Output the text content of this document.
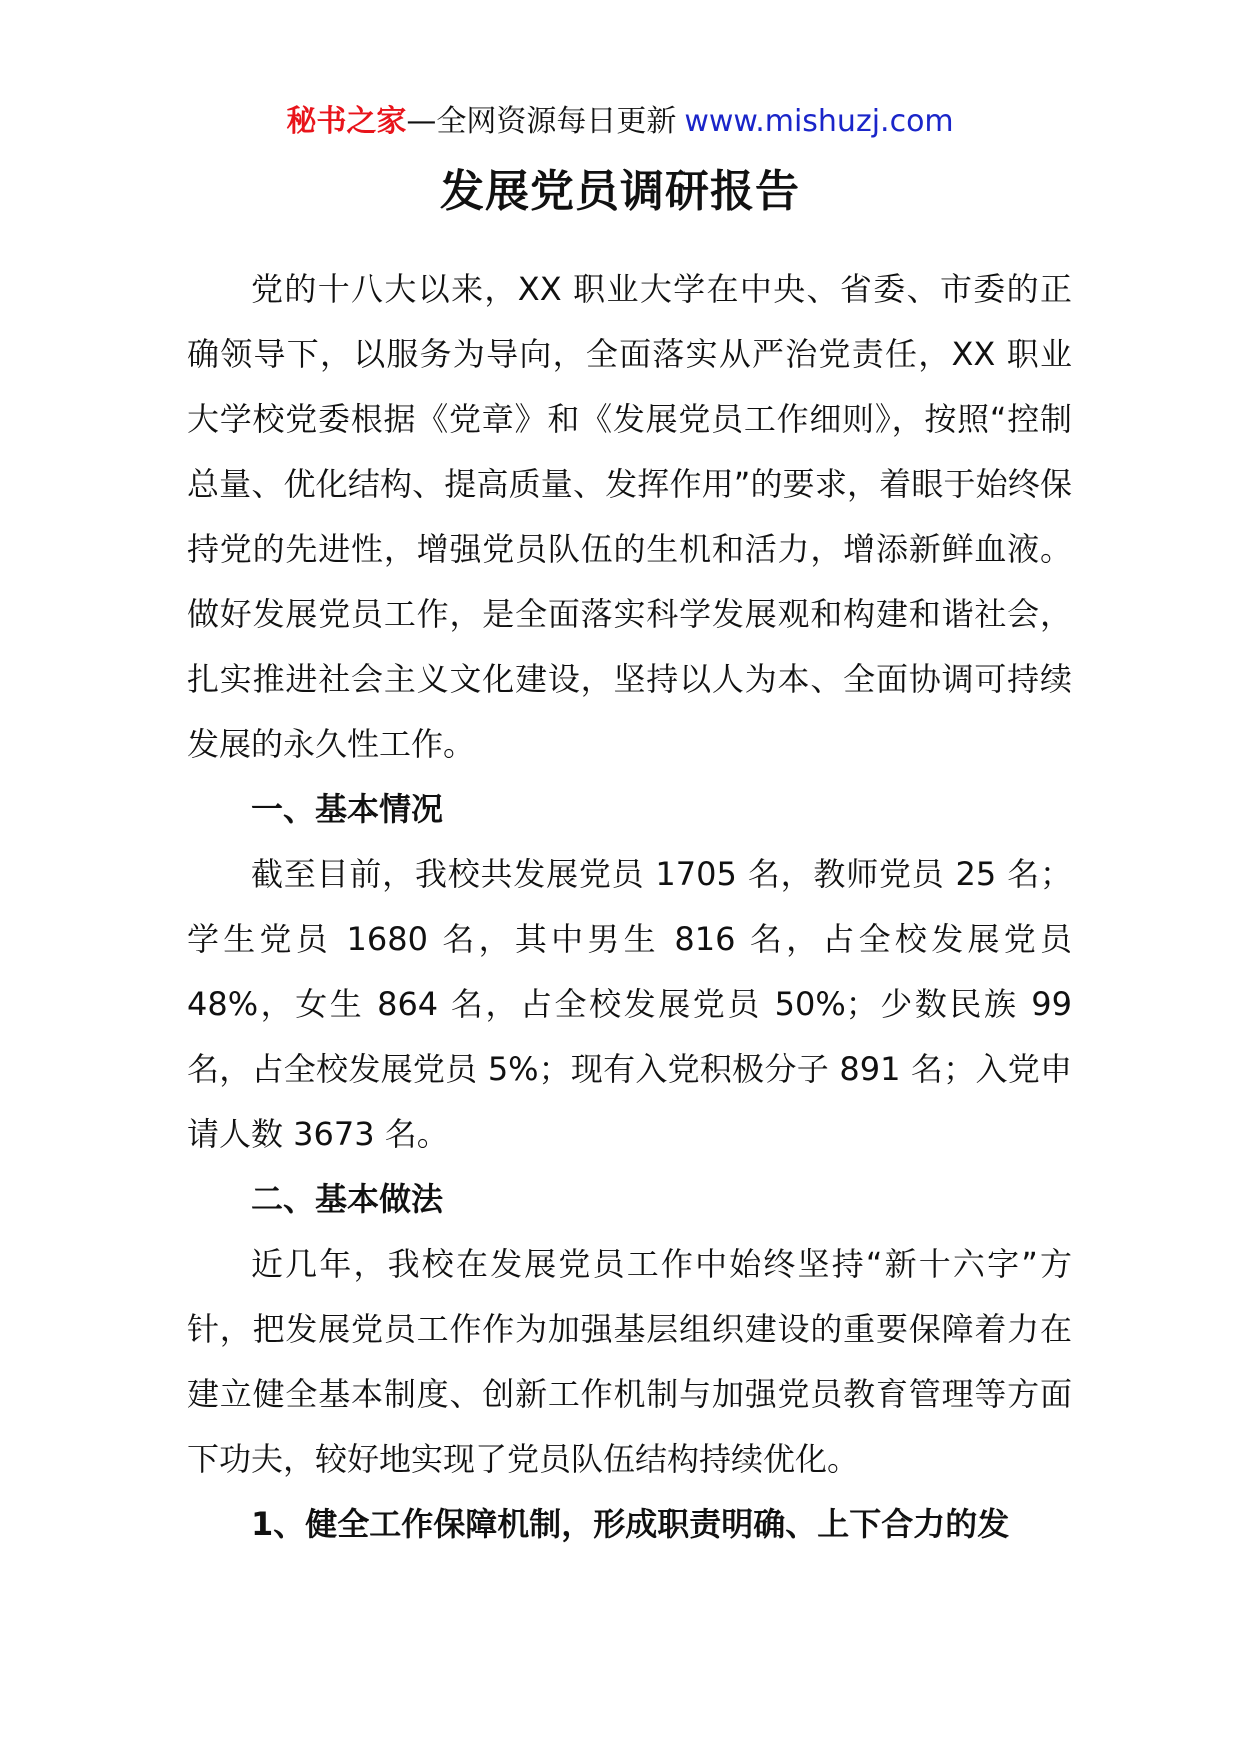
秘书之家—全网资源每日更新 www.mishuzj.com
发展党员调研报告

党的十八大以来，XX 职业大学在中央、省委、市委的正确领导下，以服务为导向，全面落实从严治党责任，XX 职业大学校党委根据《党章》和《发展党员工作细则》，按照“控制总量、优化结构、提高质量、发挥作用”的要求，着眼于始终保持党的先进性，增强党员队伍的生机和活力，增添新鲜血液。做好发展党员工作，是全面落实科学发展观和构建和谐社会，扎实推进社会主义文化建设，坚持以人为本、全面协调可持续发展的永久性工作。

一、基本情况

截至目前，我校共发展党员 1705 名，教师党员 25 名；学生党员 1680 名，其中男生 816 名，占全校发展党员 48%，女生 864 名，占全校发展党员 50%；少数民族 99 名，占全校发展党员 5%；现有入党积极分子 891 名；入党申请人数 3673 名。

二、基本做法

近几年，我校在发展党员工作中始终坚持“新十六字”方针，把发展党员工作作为加强基层组织建设的重要保障着力在建立健全基本制度、创新工作机制与加强党员教育管理等方面下功夫，较好地实现了党员队伍结构持续优化。

1、健全工作保障机制，形成职责明确、上下合力的发
